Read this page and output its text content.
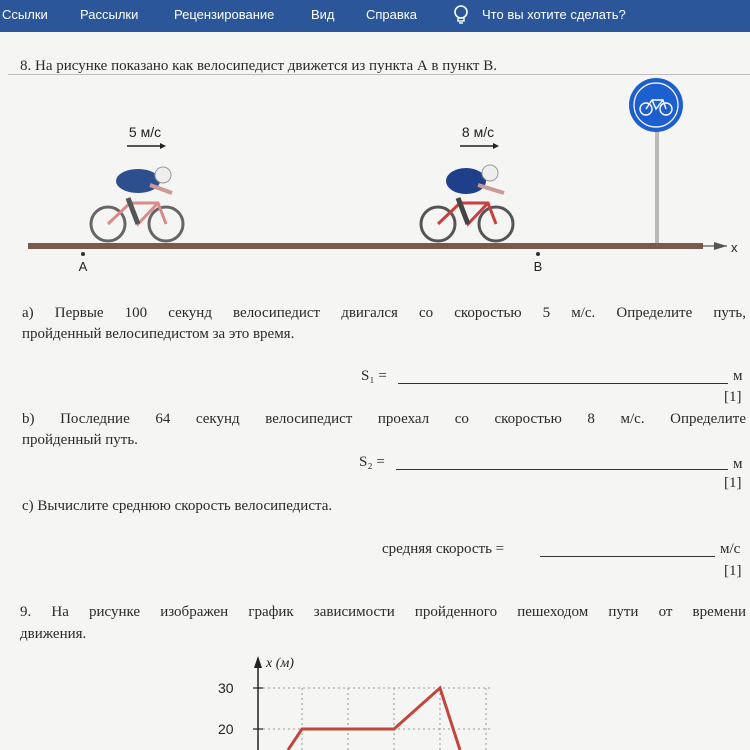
Ссылки Рассылки	Рецензирование	Вид Справка	Что вы хотите сделать?
8. На рисунке показано как велосипедист движется из пункта А в пункт В.
5 м/с	8 м/с
x
A	B
а) Первые 100 секунд велосипедист двигался со скоростью 5 м/с. Определите путь,
пройденный велосипедистом за это время.
S₁ =	м
[1]
b) Последние 64 секунд велосипедист проехал со скоростью 8 м/с. Определите
пройденный путь.
S₂ =	м
[1]
c) Вычислите среднюю скорость велосипедиста.
средняя скорость =	м/с
[1]
9. На рисунке изображен график зависимости пройденного пешеходом пути от времени
движения.
x (м)
30
20
